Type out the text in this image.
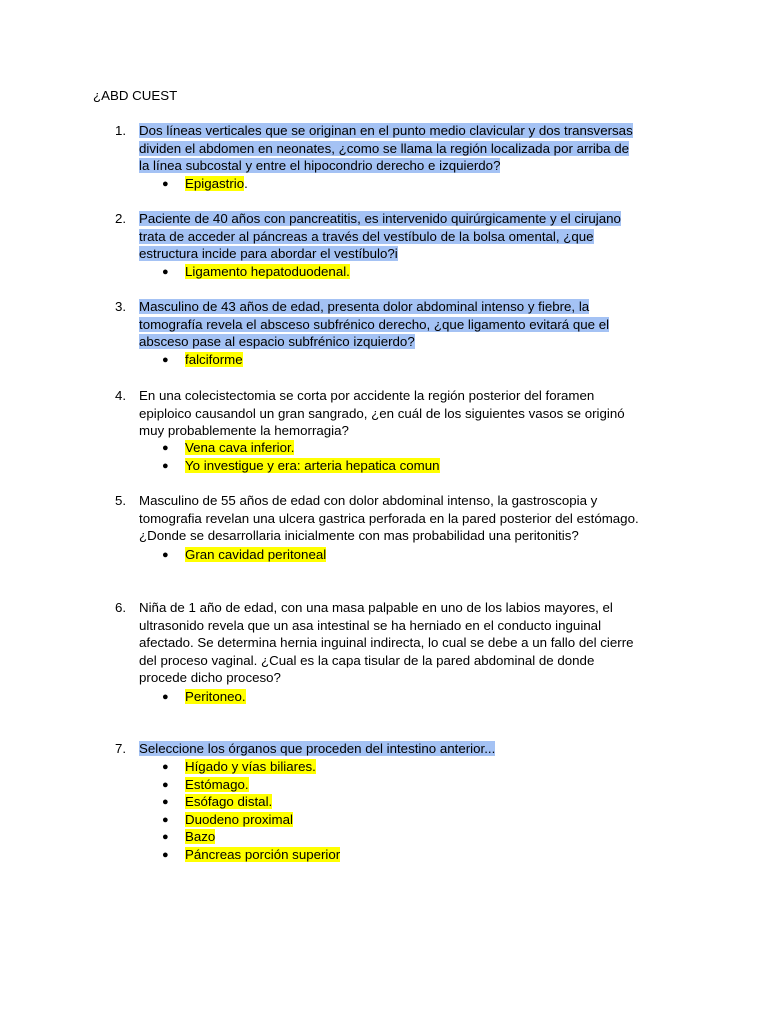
¿ABD CUEST
1. Dos líneas verticales que se originan en el punto medio clavicular y dos transversas
dividen el abdomen en neonates, ¿como se llama la región localizada por arriba de
la línea subcostal y entre el hipocondrio derecho e izquierdo?
● Epigastrio.
2. Paciente de 40 años con pancreatitis, es intervenido quirúrgicamente y el cirujano
trata de acceder al páncreas a través del vestíbulo de la bolsa omental, ¿que
estructura incide para abordar el vestíbulo?i
● Ligamento hepatoduodenal.
3. Masculino de 43 años de edad, presenta dolor abdominal intenso y fiebre, la
tomografía revela el absceso subfrénico derecho, ¿que ligamento evitará que el
absceso pase al espacio subfrénico izquierdo?
● falciforme
4. En una colecistectomia se corta por accidente la región posterior del foramen
epiploico causandol un gran sangrado, ¿en cuál de los siguientes vasos se originó
muy probablemente la hemorragia?
● Vena cava inferior.
● Yo investigue y era: arteria hepatica comun
5. Masculino de 55 años de edad con dolor abdominal intenso, la gastroscopia y
tomografia revelan una ulcera gastrica perforada en la pared posterior del estómago.
¿Donde se desarrollaria inicialmente con mas probabilidad una peritonitis?
● Gran cavidad peritoneal
6. Niña de 1 año de edad, con una masa palpable en uno de los labios mayores, el
ultrasonido revela que un asa intestinal se ha herniado en el conducto inguinal
afectado. Se determina hernia inguinal indirecta, lo cual se debe a un fallo del cierre
del proceso vaginal. ¿Cual es la capa tisular de la pared abdominal de donde
procede dicho proceso?
● Peritoneo.
7. Seleccione los órganos que proceden del intestino anterior...
● Hígado y vías biliares.
● Estómago.
● Esófago distal.
● Duodeno proximal
● Bazo
● Páncreas porción superior
